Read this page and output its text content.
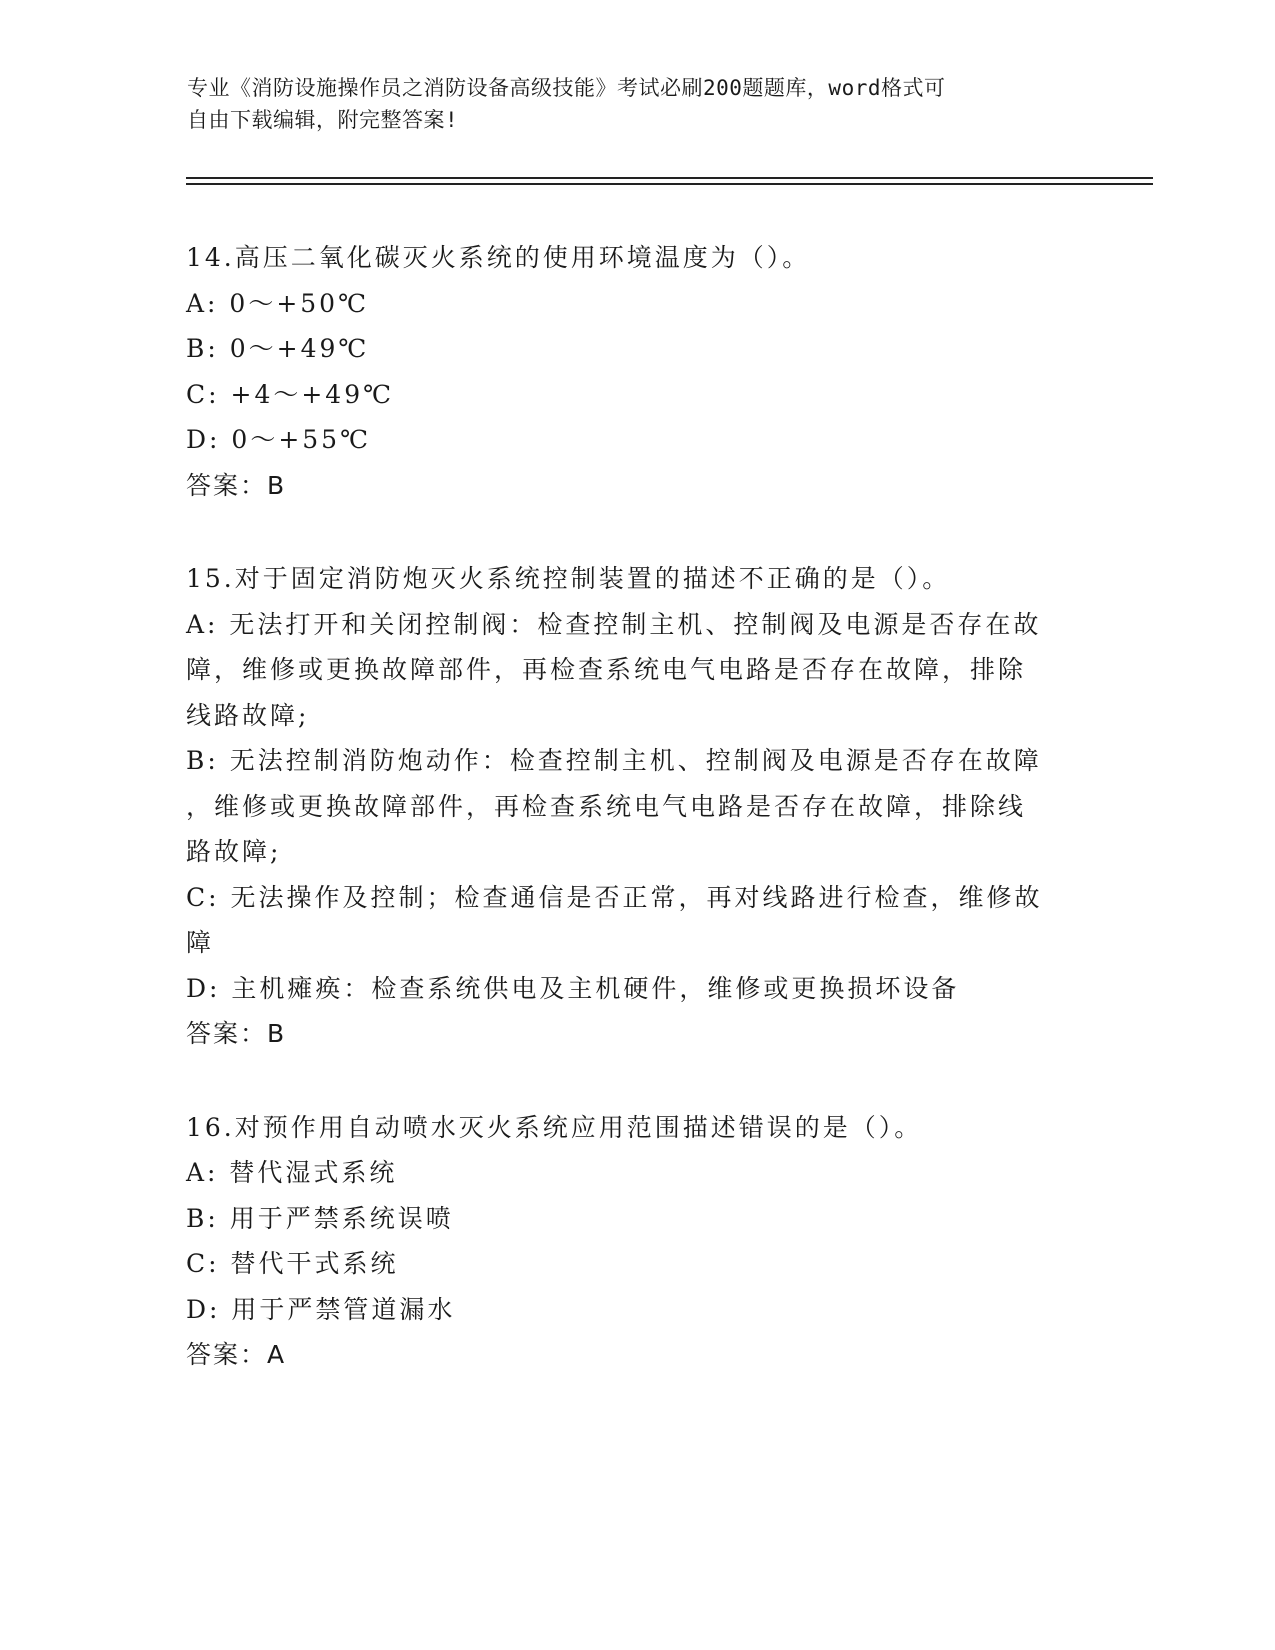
专业《消防设施操作员之消防设备高级技能》考试必刷200题题库，word格式可
自由下载编辑，附完整答案!
14.高压二氧化碳灭火系统的使用环境温度为（）。
A: 0～+50℃
B: 0～+49℃
C: +4～+49℃
D: 0～+55℃
答案：B
15.对于固定消防炮灭火系统控制装置的描述不正确的是（）。
A: 无法打开和关闭控制阀：检查控制主机、控制阀及电源是否存在故
障，维修或更换故障部件，再检查系统电气电路是否存在故障，排除
线路故障;
B: 无法控制消防炮动作：检查控制主机、控制阀及电源是否存在故障
，维修或更换故障部件，再检查系统电气电路是否存在故障，排除线
路故障;
C: 无法操作及控制；检查通信是否正常，再对线路进行检查，维修故
障
D: 主机瘫痪：检查系统供电及主机硬件，维修或更换损坏设备
答案：B
16.对预作用自动喷水灭火系统应用范围描述错误的是（）。
A: 替代湿式系统
B: 用于严禁系统误喷
C: 替代干式系统
D: 用于严禁管道漏水
答案：A
